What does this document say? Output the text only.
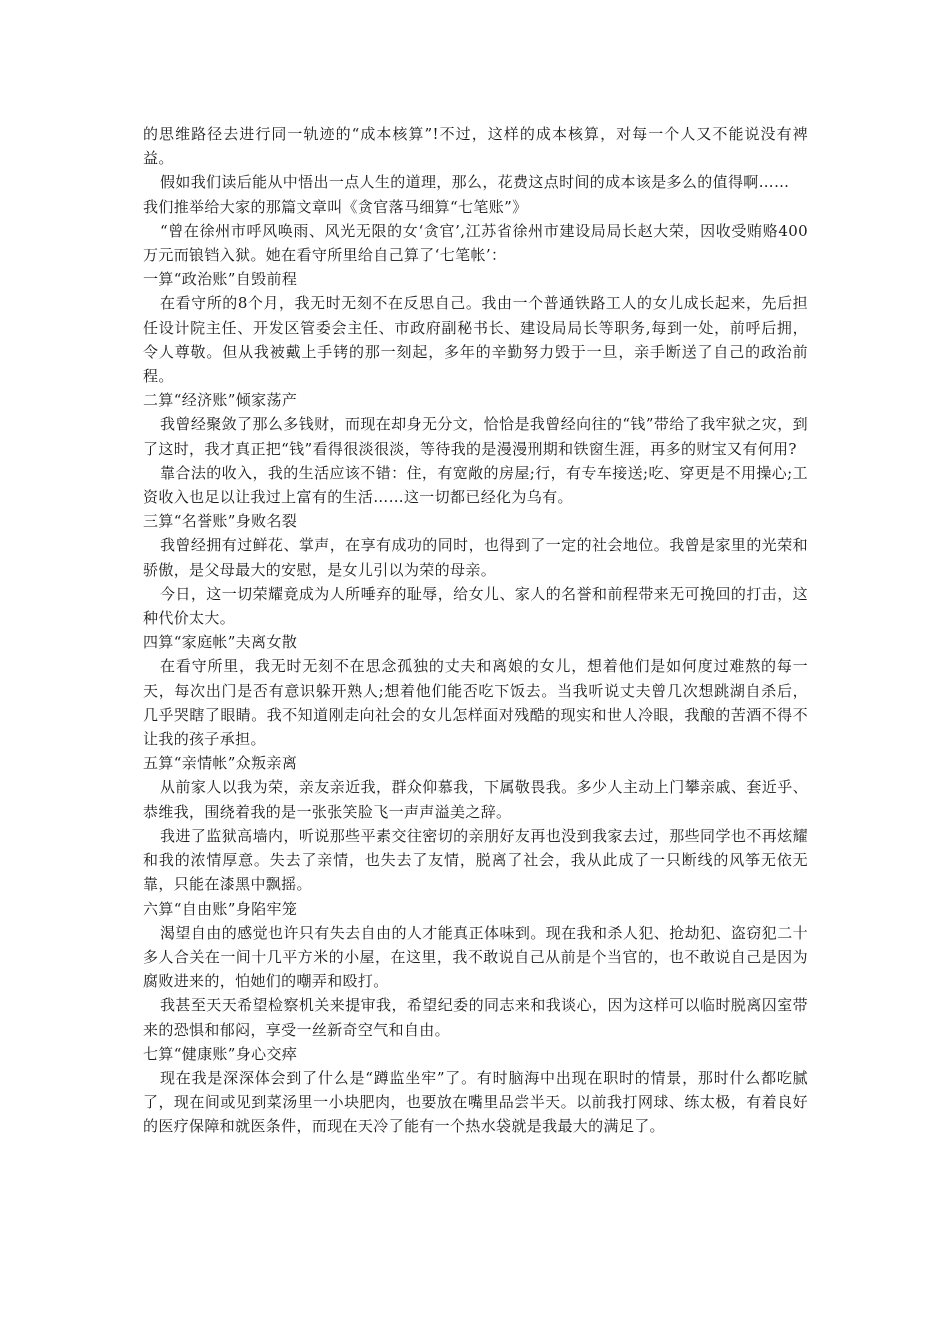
的思维路径去进行同一轨迹的“成本核算”!不过，这样的成本核算，对每一个人又不能说没有裨益。

假如我们读后能从中悟出一点人生的道理，那么，花费这点时间的成本该是多么的值得啊……

我们推举给大家的那篇文章叫《贪官落马细算“七笔账”》

“曾在徐州市呼风唤雨、风光无限的女‘贪官’,江苏省徐州市建设局局长赵大荣，因收受贿赂400万元而锒铛入狱。她在看守所里给自己算了‘七笔帐’：

一算“政治账”自毁前程

在看守所的8个月，我无时无刻不在反思自己。我由一个普通铁路工人的女儿成长起来，先后担任设计院主任、开发区管委会主任、市政府副秘书长、建设局局长等职务,每到一处，前呼后拥，令人尊敬。但从我被戴上手铐的那一刻起，多年的辛勤努力毁于一旦，亲手断送了自己的政治前程。

二算“经济账”倾家荡产

我曾经聚敛了那么多钱财，而现在却身无分文，恰恰是我曾经向往的“钱”带给了我牢狱之灾，到了这时，我才真正把“钱”看得很淡很淡，等待我的是漫漫刑期和铁窗生涯，再多的财宝又有何用?

靠合法的收入，我的生活应该不错：住，有宽敞的房屋;行，有专车接送;吃、穿更是不用操心;工资收入也足以让我过上富有的生活……这一切都已经化为乌有。

三算“名誉账”身败名裂

我曾经拥有过鲜花、掌声，在享有成功的同时，也得到了一定的社会地位。我曾是家里的光荣和骄傲，是父母最大的安慰，是女儿引以为荣的母亲。

今日，这一切荣耀竟成为人所唾弃的耻辱，给女儿、家人的名誉和前程带来无可挽回的打击，这种代价太大。

四算“家庭帐”夫离女散

在看守所里，我无时无刻不在思念孤独的丈夫和离娘的女儿，想着他们是如何度过难熬的每一天，每次出门是否有意识躲开熟人;想着他们能否吃下饭去。当我听说丈夫曾几次想跳湖自杀后，几乎哭瞎了眼睛。我不知道刚走向社会的女儿怎样面对残酷的现实和世人冷眼，我酿的苦酒不得不让我的孩子承担。

五算“亲情帐”众叛亲离

从前家人以我为荣，亲友亲近我，群众仰慕我，下属敬畏我。多少人主动上门攀亲戚、套近乎、恭维我，围绕着我的是一张张笑脸飞一声声溢美之辞。

我进了监狱高墙内，听说那些平素交往密切的亲朋好友再也没到我家去过，那些同学也不再炫耀和我的浓情厚意。失去了亲情，也失去了友情，脱离了社会，我从此成了一只断线的风筝无依无靠，只能在漆黑中飘摇。

六算“自由账”身陷牢笼

渴望自由的感觉也许只有失去自由的人才能真正体味到。现在我和杀人犯、抢劫犯、盗窃犯二十多人合关在一间十几平方米的小屋，在这里，我不敢说自己从前是个当官的，也不敢说自己是因为腐败进来的，怕她们的嘲弄和殴打。

我甚至天天希望检察机关来提审我，希望纪委的同志来和我谈心，因为这样可以临时脱离囚室带来的恐惧和郁闷，享受一丝新奇空气和自由。

七算“健康账”身心交瘁

现在我是深深体会到了什么是“蹲监坐牢”了。有时脑海中出现在职时的情景，那时什么都吃腻了，现在间或见到菜汤里一小块肥肉，也要放在嘴里品尝半天。以前我打网球、练太极，有着良好的医疗保障和就医条件，而现在天冷了能有一个热水袋就是我最大的满足了。
